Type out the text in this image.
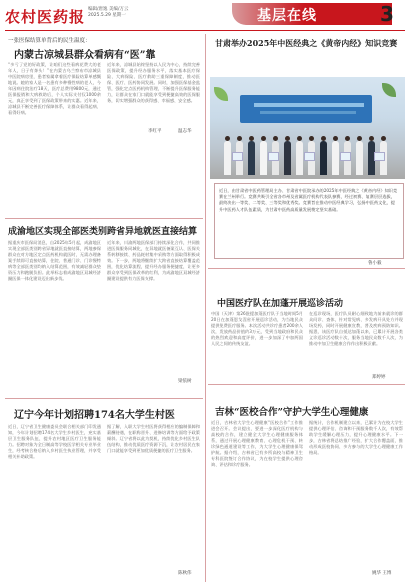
农村医药报 编辑/唐逸 美编/万云
2025.5.29 星期一	基层在线	3
一张医保结算单背后的民生温度：
内蒙古凉城县群众看病有“医”靠
“多亏了党的好政策，让咱们这些看病花费大的老年人，日子有奔头！”在内蒙古乌兰察布市凉城县中医院病房里，患者家属拿着医疗保险结算单感慨地说。她的家人是一名患有多种慢性病的老人，今年因病住院治疗18天，医疗总费用9800元，通过医保报销和大病救助后，个人实际支付仅1000余元，真正享受到了医保政策带来的实惠。近年来，凉城县不断完善医疗保障体系，让群众看得起病、看得好病。
近年来，凉城县始终坚持以人民为中心，持续完善医保政策，提升经办服务水平，落实基本医疗保险、大病保险、医疗救助三重保障制度，推动医保、医疗、医药协同发展。同时，加强医保基金监管，强化定点医药机构管理，不断提升医保服务能力，让群众在家门口就能享受到便捷高效的医保服务，切实增强群众的获得感、幸福感、安全感。
李红平	温志华
成渝地区实现全部医类别跨省异地就医直接结算
据重庆市医保局消息，自2025年5月起，成渝地区实现全部医类别跨省异地就医直接结算，两地参保群众在对方地区定点医药机构就医时，无需办理备案手续即可直接结算，住院、普通门诊、门诊慢特病等全部医类别均纳入结算范围，有效减轻群众垫资压力和跑腿负担。此举标志着成渝地区双城经济圈医保一体化建设迈出新步伐。
近年来，川渝两地医保部门持续深化合作，共同推进医保服务同城化，在异地就医备案互认、医保关系转移接续、药品耗材集中采购等方面取得积极成效。下一步，两地将继续扩大跨省直接结算覆盖范围，优化结算流程，提升经办服务便捷度，让更多群众享受到医保改革的红利，为成渝地区双城经济圈建设提供有力医保支撑。
梁依树
辽宁今年计划招聘174名大学生村医
近日，辽宁省卫生健康委员会联合相关部门印发通知，今年计划招聘174名大学生乡村医生，充实基层卫生服务队伍，提升农村地区医疗卫生服务能力。招聘对象为全日制高等学校医学相关专业毕业生，经考核合格后纳入乡村医生执业管理，并享受相关补助政策。
据了解，入职大学生村医将获得相应的编制保障和薪酬待遇，在职称晋升、进修培训等方面给予政策倾斜。辽宁省将以此为契机，持续优化乡村医生队伍结构，推动优质医疗资源下沉，让农村居民在家门口就能享受到更加优质便捷的医疗卫生服务。
陈秋伟
甘肃举办2025年中医经典之《黄帝内经》知识竞赛
近日，由甘肃省中医药管理局主办、甘肃省中医院承办的2025年中医经典之《黄帝内经》知识竞赛在兰州举行。竞赛共吸引全省各市州及省属医疗机构代表队参赛，经过初赛、复赛层层选拔，最终决出一等奖、二等奖、三等奖和优秀奖。竞赛旨在推动中医经典学习，弘扬中医药文化，提升中医药人才队伍素质，为甘肃中医药高质量发展奠定坚实基础。
鲁小毅
中国医疗队在加蓬开展巡诊活动
中国（天津）第26批援加蓬医疗队于当地时间5月20日在加蓬恩戈涅省开展巡诊活动，为当地民众提供免费医疗服务。本次活动共诊疗患者200余人次，发放药品价值约3万元，受到当地政府和民众的热烈欢迎和高度评价，进一步加深了中加两国人民之间的传统友谊。
在巡诊现场，医疗队员耐心细致地为前来就诊的群众问诊、查体，针对常见病、多发病开具处方并现场发药，同时开展健康宣教，普及疾病预防知识。据悉，该医疗队自抵达加蓬以来，已累计开展各类义诊巡诊活动数十次，服务当地民众数千人次，为推动中加卫生健康合作作出积极贡献。
郑婷婷
吉林“医校合作”守护大学生心理健康
近日，吉林省大学生心理健康“医校合作”工作推进会召开。会议提出，要进一步深化医疗机构与高校的合作，建立健全大学生心理健康服务体系，通过开展心理健康教育、心理危机干预、转诊绿色通道建设等工作，为大学生心理健康保驾护航。据介绍，吉林省已有多所高校与精神卫生专科医院签订合作协议，为在校学生提供心理咨询、评估和诊疗服务。
据统计，合作机制建立以来，已累计为在校大学生提供心理评估、咨询和干预服务数千人次，有效帮助学生缓解心理压力，提升心理健康水平。下一步，吉林省将总结推广经验，扩大合作覆盖面，推动形成医校协同、多方参与的大学生心理健康工作格局。
姚华 王博
